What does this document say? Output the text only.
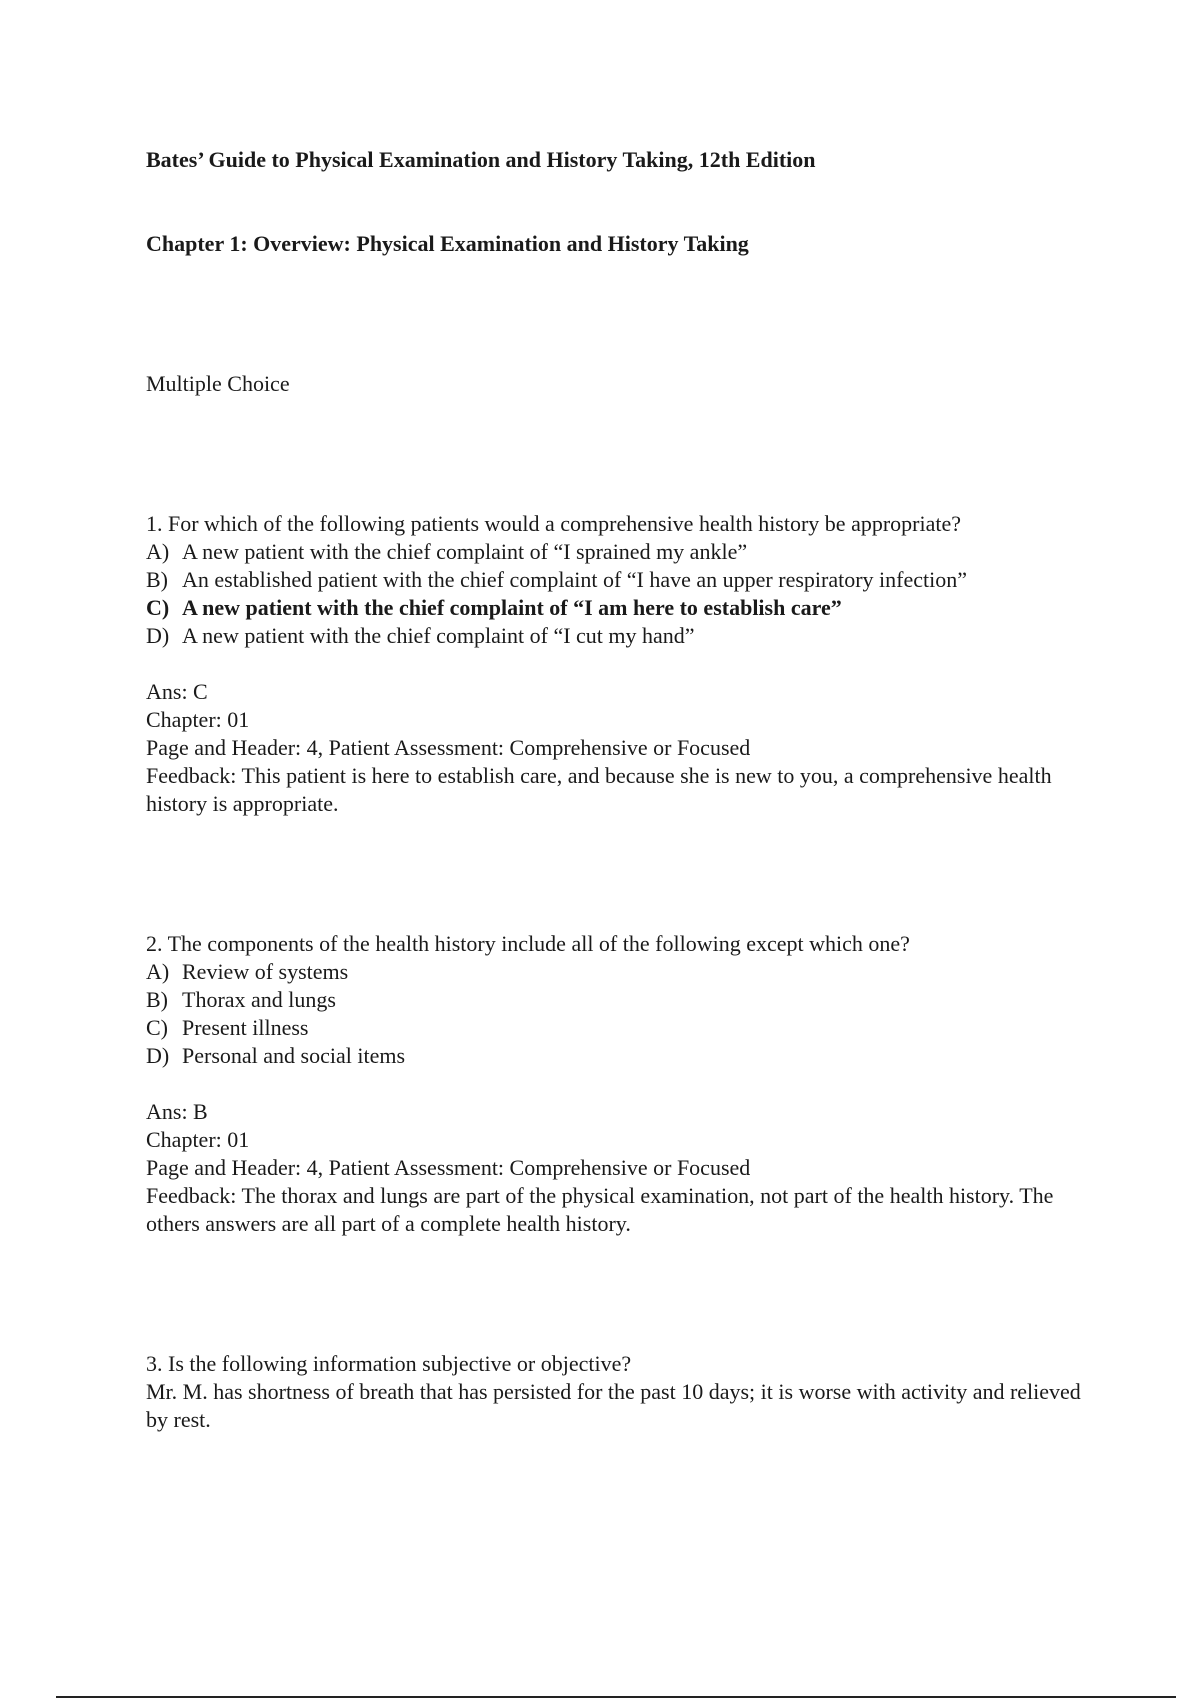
Bates’ Guide to Physical Examination and History Taking, 12th Edition

Chapter 1: Overview: Physical Examination and History Taking

Multiple Choice

1. For which of the following patients would a comprehensive health history be appropriate?

A) A new patient with the chief complaint of “I sprained my ankle”

B) An established patient with the chief complaint of “I have an upper respiratory infection”

C) A new patient with the chief complaint of “I am here to establish care”

D) A new patient with the chief complaint of “I cut my hand”

Ans: C

Chapter: 01

Page and Header: 4, Patient Assessment: Comprehensive or Focused

Feedback: This patient is here to establish care, and because she is new to you, a comprehensive health history is appropriate.

2. The components of the health history include all of the following except which one?

A) Review of systems

B) Thorax and lungs

C) Present illness

D) Personal and social items

Ans: B

Chapter: 01

Page and Header: 4, Patient Assessment: Comprehensive or Focused

Feedback: The thorax and lungs are part of the physical examination, not part of the health history. The others answers are all part of a complete health history.

3. Is the following information subjective or objective?

Mr. M. has shortness of breath that has persisted for the past 10 days; it is worse with activity and relieved by rest.
